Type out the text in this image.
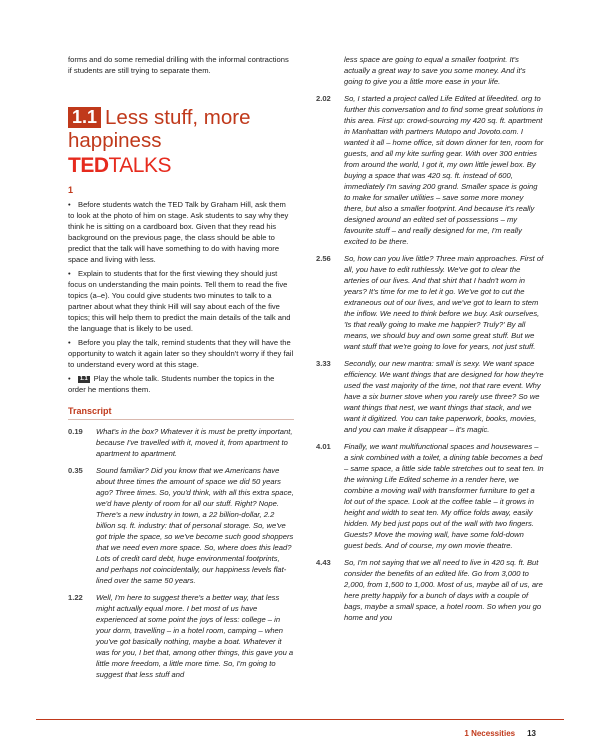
forms and do some remedial drilling with the informal contractions if students are still trying to separate them.

1.1 Less stuff, more happiness
TEDTALKS
1

• Before students watch the TED Talk by Graham Hill, ask them to look at the photo of him on stage. Ask students to say why they think he is sitting on a cardboard box. Given that they read his background on the previous page, the class should be able to predict that the talk will have something to do with having more space and living with less.

• Explain to students that for the first viewing they should just focus on understanding the main points. Tell them to read the five topics (a–e). You could give students two minutes to talk to a partner about what they think Hill will say about each of the five topics; this will help them to predict the main details of the talk and the language that is likely to be used.

• Before you play the talk, remind students that they will have the opportunity to watch it again later so they shouldn't worry if they fail to understand every word at this stage.

• 1.1 Play the whole talk. Students number the topics in the order he mentions them.

Transcript
0.19	What's in the box? Whatever it is must be pretty important, because I've travelled with it, moved it, from apartment to apartment to apartment.
0.35	Sound familiar? Did you know that we Americans have about three times the amount of space we did 50 years ago? Three times. So, you'd think, with all this extra space, we'd have plenty of room for all our stuff. Right? Nope. There's a new industry in town, a 22 billion-dollar, 2.2 billion sq. ft. industry: that of personal storage. So, we've got triple the space, so we've become such good shoppers that we need even more space. So, where does this lead? Lots of credit card debt, huge environmental footprints, and perhaps not coincidentally, our happiness levels flat-lined over the same 50 years.
1.22	Well, I'm here to suggest there's a better way, that less might actually equal more. I bet most of us have experienced at some point the joys of less: college – in your dorm, travelling – in a hotel room, camping – when you've got basically nothing, maybe a boat. Whatever it was for you, I bet that, among other things, this gave you a little more freedom, a little more time. So, I'm going to suggest that less stuff and

less space are going to equal a smaller footprint. It's actually a great way to save you some money. And it's going to give you a little more ease in your life.

2.02	So, I started a project called Life Edited at lifeedited. org to further this conversation and to find some great solutions in this area. First up: crowd-sourcing my 420 sq. ft. apartment in Manhattan with partners Mutopo and Jovoto.com. I wanted it all – home office, sit down dinner for ten, room for guests, and all my kite surfing gear. With over 300 entries from around the world, I got it, my own little jewel box. By buying a space that was 420 sq. ft. instead of 600, immediately I'm saving 200 grand. Smaller space is going to make for smaller utilities – save some more money there, but also a smaller footprint. And because it's really designed around an edited set of possessions – my favourite stuff – and really designed for me, I'm really excited to be there.
2.56	So, how can you live little? Three main approaches. First of all, you have to edit ruthlessly. We've got to clear the arteries of our lives. And that shirt that I hadn't worn in years? It's time for me to let it go. We've got to cut the extraneous out of our lives, and we've got to learn to stem the inflow. We need to think before we buy. Ask ourselves, 'Is that really going to make me happier? Truly?' By all means, we should buy and own some great stuff. But we want stuff that we're going to love for years, not just stuff.
3.33	Secondly, our new mantra: small is sexy. We want space efficiency. We want things that are designed for how they're used the vast majority of the time, not that rare event. Why have a six burner stove when you rarely use three? So we want things that nest, we want things that stack, and we want it digitized. You can take paperwork, books, movies, and you can make it disappear – it's magic.
4.01	Finally, we want multifunctional spaces and housewares – a sink combined with a toilet, a dining table becomes a bed – same space, a little side table stretches out to seat ten. In the winning Life Edited scheme in a render here, we combine a moving wall with transformer furniture to get a lot out of the space. Look at the coffee table – it grows in height and width to seat ten. My office folds away, easily hidden. My bed just pops out of the wall with two fingers. Guests? Move the moving wall, have some fold-down guest beds. And of course, my own movie theatre.
4.43	So, I'm not saying that we all need to live in 420 sq. ft. But consider the benefits of an edited life. Go from 3,000 to 2,000, from 1,500 to 1,000. Most of us, maybe all of us, are here pretty happily for a bunch of days with a couple of bags, maybe a small space, a hotel room. So when you go home and you
1 Necessities 13
